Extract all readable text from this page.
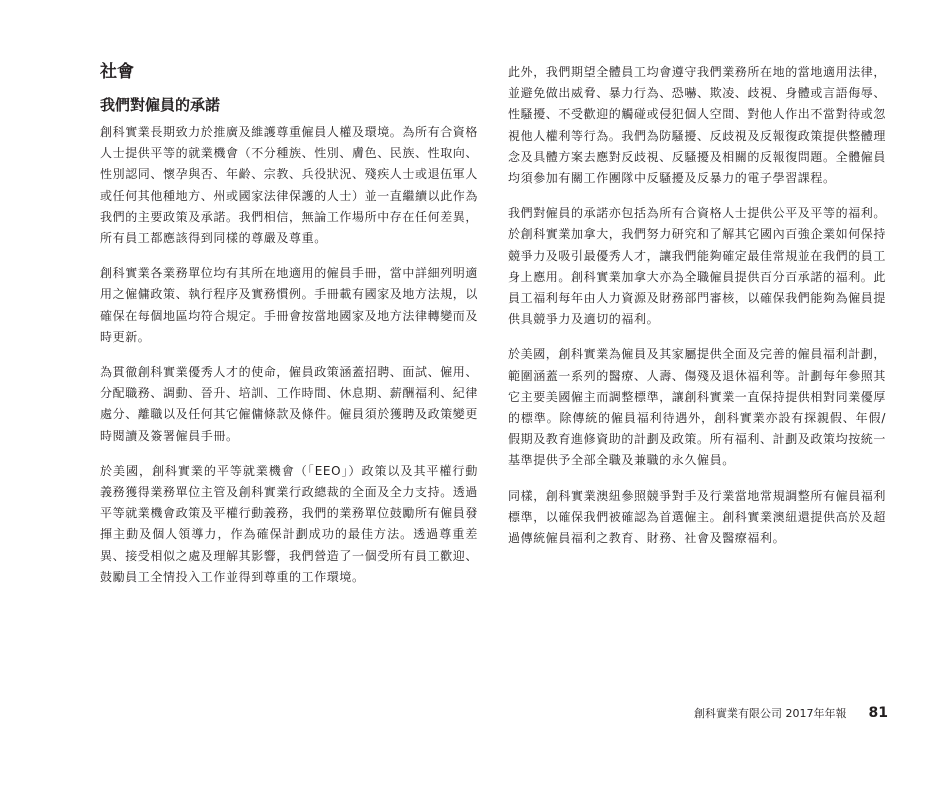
社會
我們對僱員的承諾

創科實業長期致力於推廣及維護尊重僱員人權及環境。為所有合資格人士提供平等的就業機會（不分種族、性別、膚色、民族、性取向、性別認同、懷孕與否、年齡、宗教、兵役狀況、殘疾人士或退伍軍人或任何其他種地方、州或國家法律保護的人士）並一直繼續以此作為我們的主要政策及承諾。我們相信，無論工作場所中存在任何差異，所有員工都應該得到同樣的尊嚴及尊重。

創科實業各業務單位均有其所在地適用的僱員手冊，當中詳細列明適用之僱傭政策、執行程序及實務慣例。手冊載有國家及地方法規，以確保在每個地區均符合規定。手冊會按當地國家及地方法律轉變而及時更新。

為貫徹創科實業優秀人才的使命，僱員政策涵蓋招聘、面試、僱用、分配職務、調動、晉升、培訓、工作時間、休息期、薪酬福利、紀律處分、離職以及任何其它僱傭條款及條件。僱員須於獲聘及政策變更時閱讀及簽署僱員手冊。

於美國，創科實業的平等就業機會（「EEO」）政策以及其平權行動義務獲得業務單位主管及創科實業行政總裁的全面及全力支持。透過平等就業機會政策及平權行動義務，我們的業務單位鼓勵所有僱員發揮主動及個人領導力，作為確保計劃成功的最佳方法。透過尊重差異、接受相似之處及理解其影響，我們營造了一個受所有員工歡迎、鼓勵員工全情投入工作並得到尊重的工作環境。

此外，我們期望全體員工均會遵守我們業務所在地的當地適用法律，並避免做出威脅、暴力行為、恐嚇、欺凌、歧視、身體或言語侮辱、性騷擾、不受歡迎的觸碰或侵犯個人空間、對他人作出不當對待或忽視他人權利等行為。我們為防騷擾、反歧視及反報復政策提供整體理念及具體方案去應對反歧視、反騷擾及相關的反報復問題。全體僱員均須參加有關工作團隊中反騷擾及反暴力的電子學習課程。

我們對僱員的承諾亦包括為所有合資格人士提供公平及平等的福利。於創科實業加拿大，我們努力研究和了解其它國內百強企業如何保持競爭力及吸引最優秀人才，讓我們能夠確定最佳常規並在我們的員工身上應用。創科實業加拿大亦為全職僱員提供百分百承諾的福利。此員工福利每年由人力資源及財務部門審核，以確保我們能夠為僱員提供具競爭力及適切的福利。

於美國，創科實業為僱員及其家屬提供全面及完善的僱員福利計劃，範圍涵蓋一系列的醫療、人壽、傷殘及退休福利等。計劃每年參照其它主要美國僱主而調整標準，讓創科實業一直保持提供相對同業優厚的標準。除傳統的僱員福利待遇外，創科實業亦設有探親假、年假/假期及教育進修資助的計劃及政策。所有福利、計劃及政策均按統一基準提供予全部全職及兼職的永久僱員。

同樣，創科實業澳紐參照競爭對手及行業當地常規調整所有僱員福利標準，以確保我們被確認為首選僱主。創科實業澳紐還提供高於及超過傳統僱員福利之教育、財務、社會及醫療福利。

創科實業有限公司 2017年年報 81
